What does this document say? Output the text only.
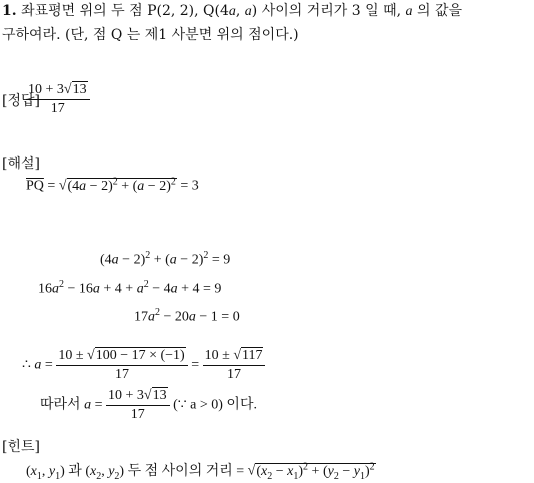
1. 좌표평면 위의 두 점 P(2, 2), Q(4a, a) 사이의 거리가 3 일 때, a 의 값을
구하여라. (단, 점 Q 는 제1 사분면 위의 점이다.)
[정답]
$\frac{10 + 3√13}{17}$
[해설]
$\overline{PQ} = √(4a - 2)^2 + (a - 2)^2 = 3$
$(4a - 2)^2 + (a - 2)^2 = 9$
$16a^2 - 16a + 4 + a^2 - 4a + 4 = 9$
$17a^2 - 20a - 1 = 0$
∴ $a = \frac{10 \pm √100 - 17 \times (-1)}{17} = \frac{10 \pm √117}{17}$
따라서 $a = \frac{10 + 3√13}{17}$ (∵ a > 0) 이다.
[힌트]
($x_1$, $y_1$) 과 ($x_2$, $y_2$) 두 점 사이의 거리 = $√(x_2 - x_1)^2 + (y_2 - y_1)^2$
